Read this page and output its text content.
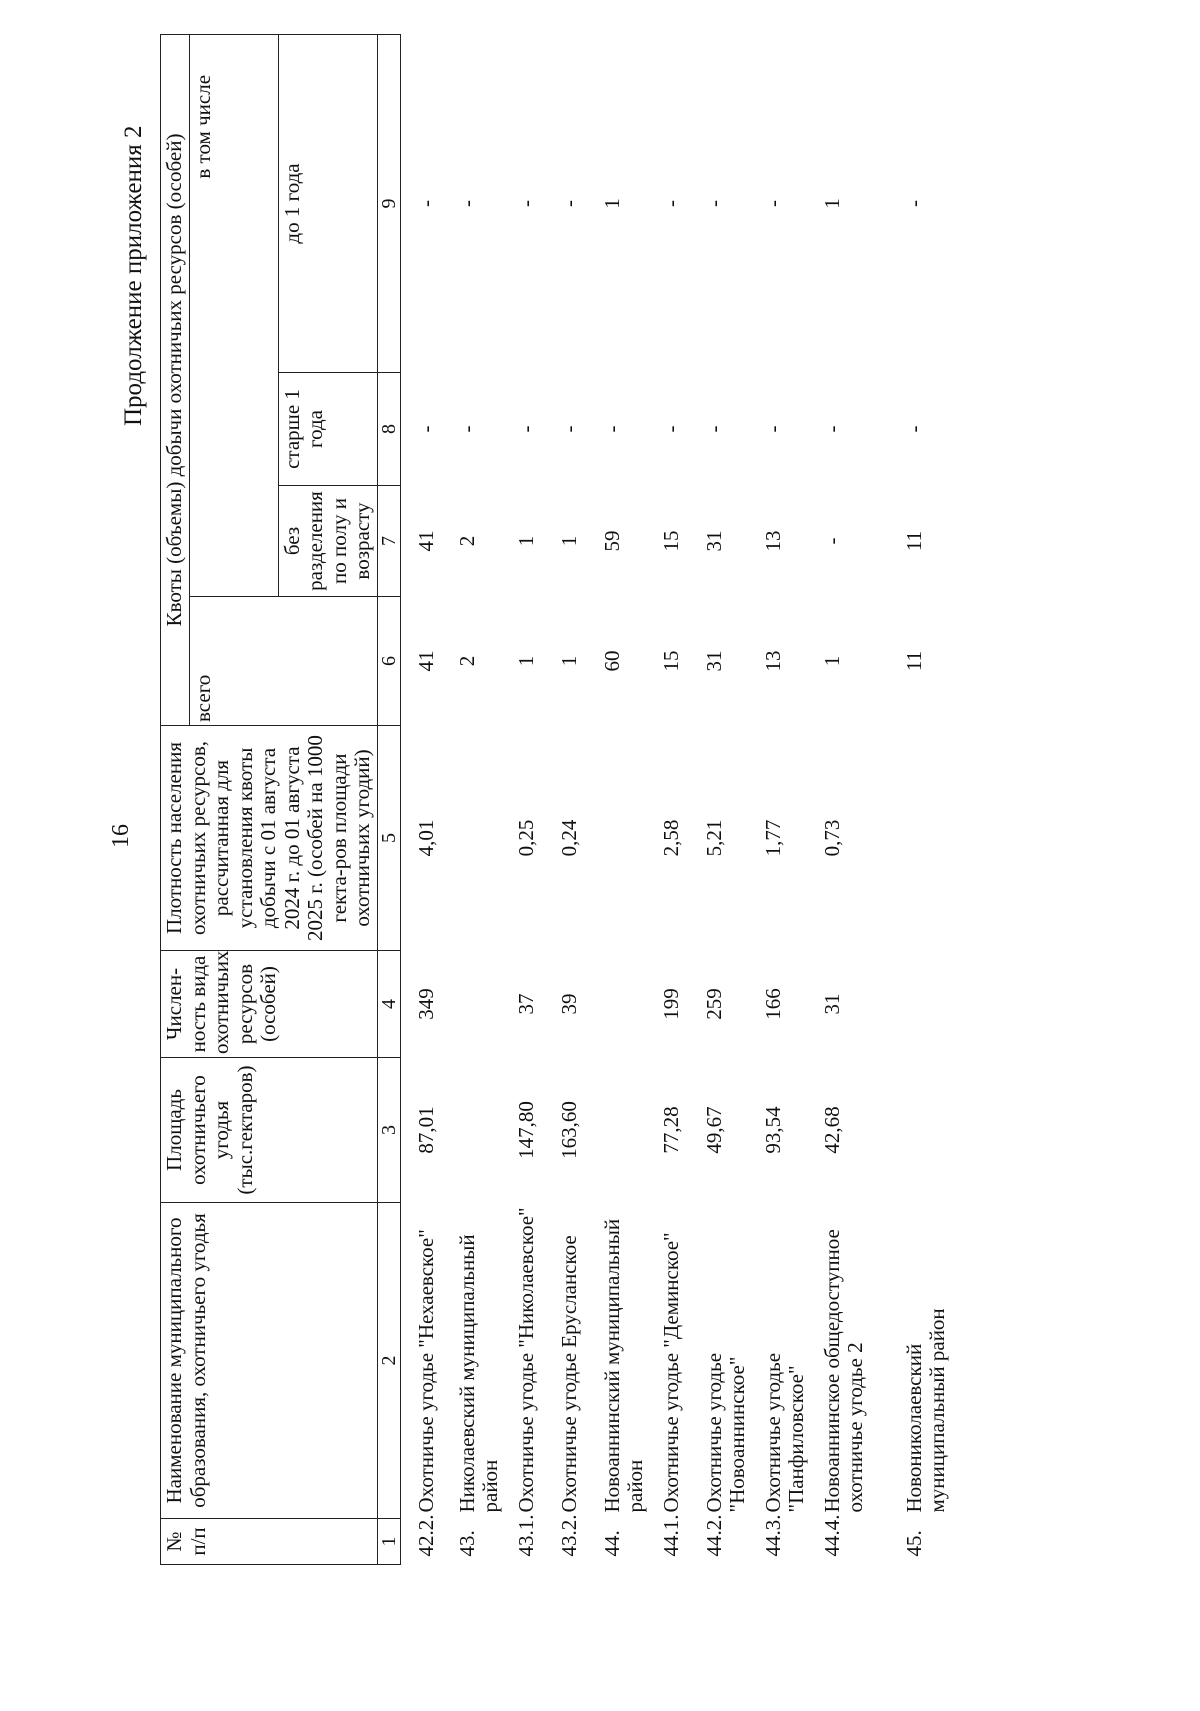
16
Продолжение приложения 2
№ п/п	Наименование муниципального образования, охотничьего угодья	Площадь охотничьего угодья (тыс.гектаров)	Числен-ность вида охотничьих ресурсов (особей)	Плотность населения охотничьих ресурсов, рассчитанная для установления квоты добычи с 01 августа 2024 г. до 01 августа 2025 г. (особей на 1000 гекта-ров площади охотничьих угодий)	Квоты (объемы) добычи охотничьих ресурсов (особей)			
					всего	в том числе		
						без разделения по полу и возрасту	старше 1 года	до 1 года
1	2	3	4	5	6	7	8	9
42.2.	Охотничье угодье "Нехаевское"	87,01	349	4,01	41	41	-	-
43.	Николаевский муниципальный район				2	2	-	-
43.1.	Охотничье угодье "Николаевское"	147,80	37	0,25	1	1	-	-
43.2.	Охотничье угодье Ерусланское	163,60	39	0,24	1	1	-	-
44.	Новоаннинский муниципальный район				60	59	-	1
44.1.	Охотничье угодье "Деминское"	77,28	199	2,58	15	15	-	-
44.2.	Охотничье угодье "Новоаннинское"	49,67	259	5,21	31	31	-	-
44.3.	Охотничье угодье "Панфиловское"	93,54	166	1,77	13	13	-	-
44.4.	Новоаннинское общедоступное охотничье угодье 2	42,68	31	0,73	1	-	-	1
45.	Новониколаевский муниципальный район				11	11	-	-
